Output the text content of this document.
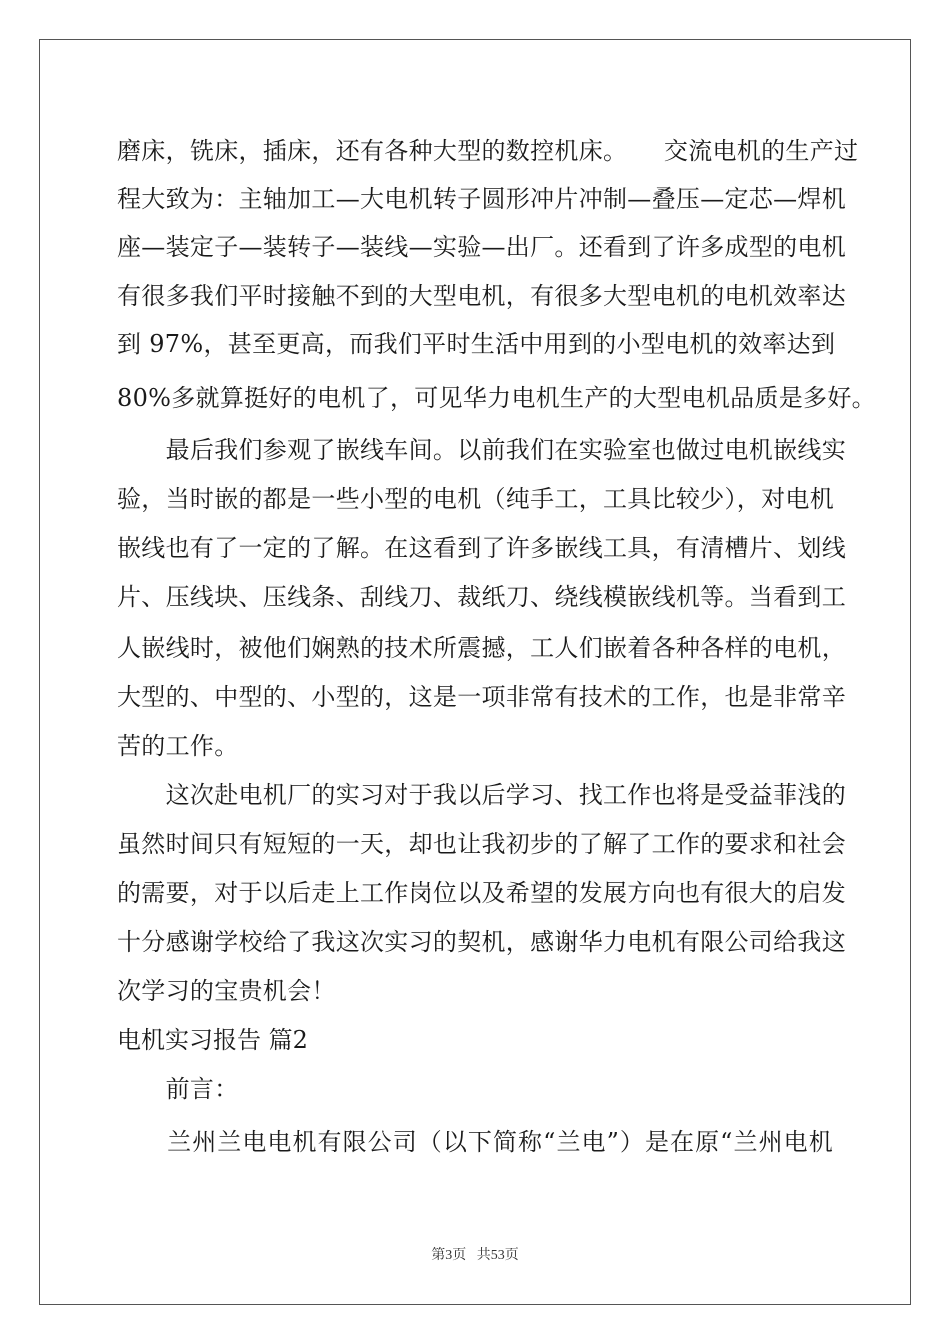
磨床，铣床，插床，还有各种大型的数控机床。　　交流电机的生产过
程大致为：主轴加工—大电机转子圆形冲片冲制—叠压—定芯—焊机
座—装定子—装转子—装线—实验—出厂。还看到了许多成型的电机
有很多我们平时接触不到的大型电机，有很多大型电机的电机效率达
到 97%，甚至更高，而我们平时生活中用到的小型电机的效率达到
80%多就算挺好的电机了，可见华力电机生产的大型电机品质是多好。
　　最后我们参观了嵌线车间。以前我们在实验室也做过电机嵌线实
验，当时嵌的都是一些小型的电机（纯手工，工具比较少），对电机
嵌线也有了一定的了解。在这看到了许多嵌线工具，有清槽片、划线
片、压线块、压线条、刮线刀、裁纸刀、绕线模嵌线机等。当看到工
人嵌线时，被他们娴熟的技术所震撼，工人们嵌着各种各样的电机，
大型的、中型的、小型的，这是一项非常有技术的工作，也是非常辛
苦的工作。
　　这次赴电机厂的实习对于我以后学习、找工作也将是受益菲浅的
虽然时间只有短短的一天，却也让我初步的了解了工作的要求和社会
的需要，对于以后走上工作岗位以及希望的发展方向也有很大的启发
十分感谢学校给了我这次实习的契机，感谢华力电机有限公司给我这
次学习的宝贵机会！
电机实习报告 篇2
　　前言：
　　兰州兰电电机有限公司（以下简称“兰电”）是在原“兰州电机
第3页   共53页
